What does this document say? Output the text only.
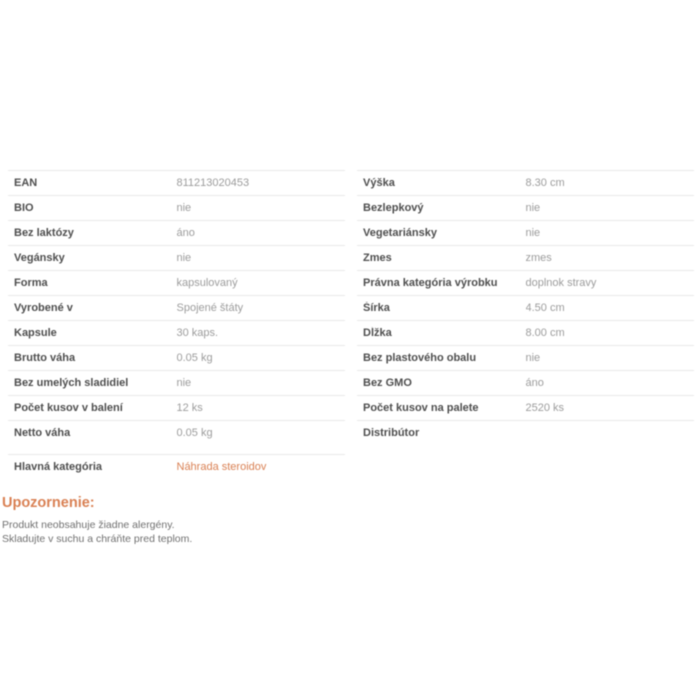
EAN	811213020453
BIO	nie
Bez laktózy	áno
Vegánsky	nie
Forma	kapsulovaný
Vyrobené v	Spojené štáty
Kapsule	30 kaps.
Brutto váha	0.05 kg
Bez umelých sladidiel	nie
Počet kusov v balení	12 ks
Netto váha	0.05 kg
Výška	8.30 cm
Bezlepkový	nie
Vegetariánsky	nie
Zmes	zmes
Právna kategória výrobku	doplnok stravy
Šírka	4.50 cm
Dĺžka	8.00 cm
Bez plastového obalu	nie
Bez GMO	áno
Počet kusov na palete	2520 ks
Distribútor
Hlavná kategória	Náhrada steroidov
Upozornenie:
Produkt neobsahuje žiadne alergény.
Skladujte v suchu a chráňte pred teplom.
